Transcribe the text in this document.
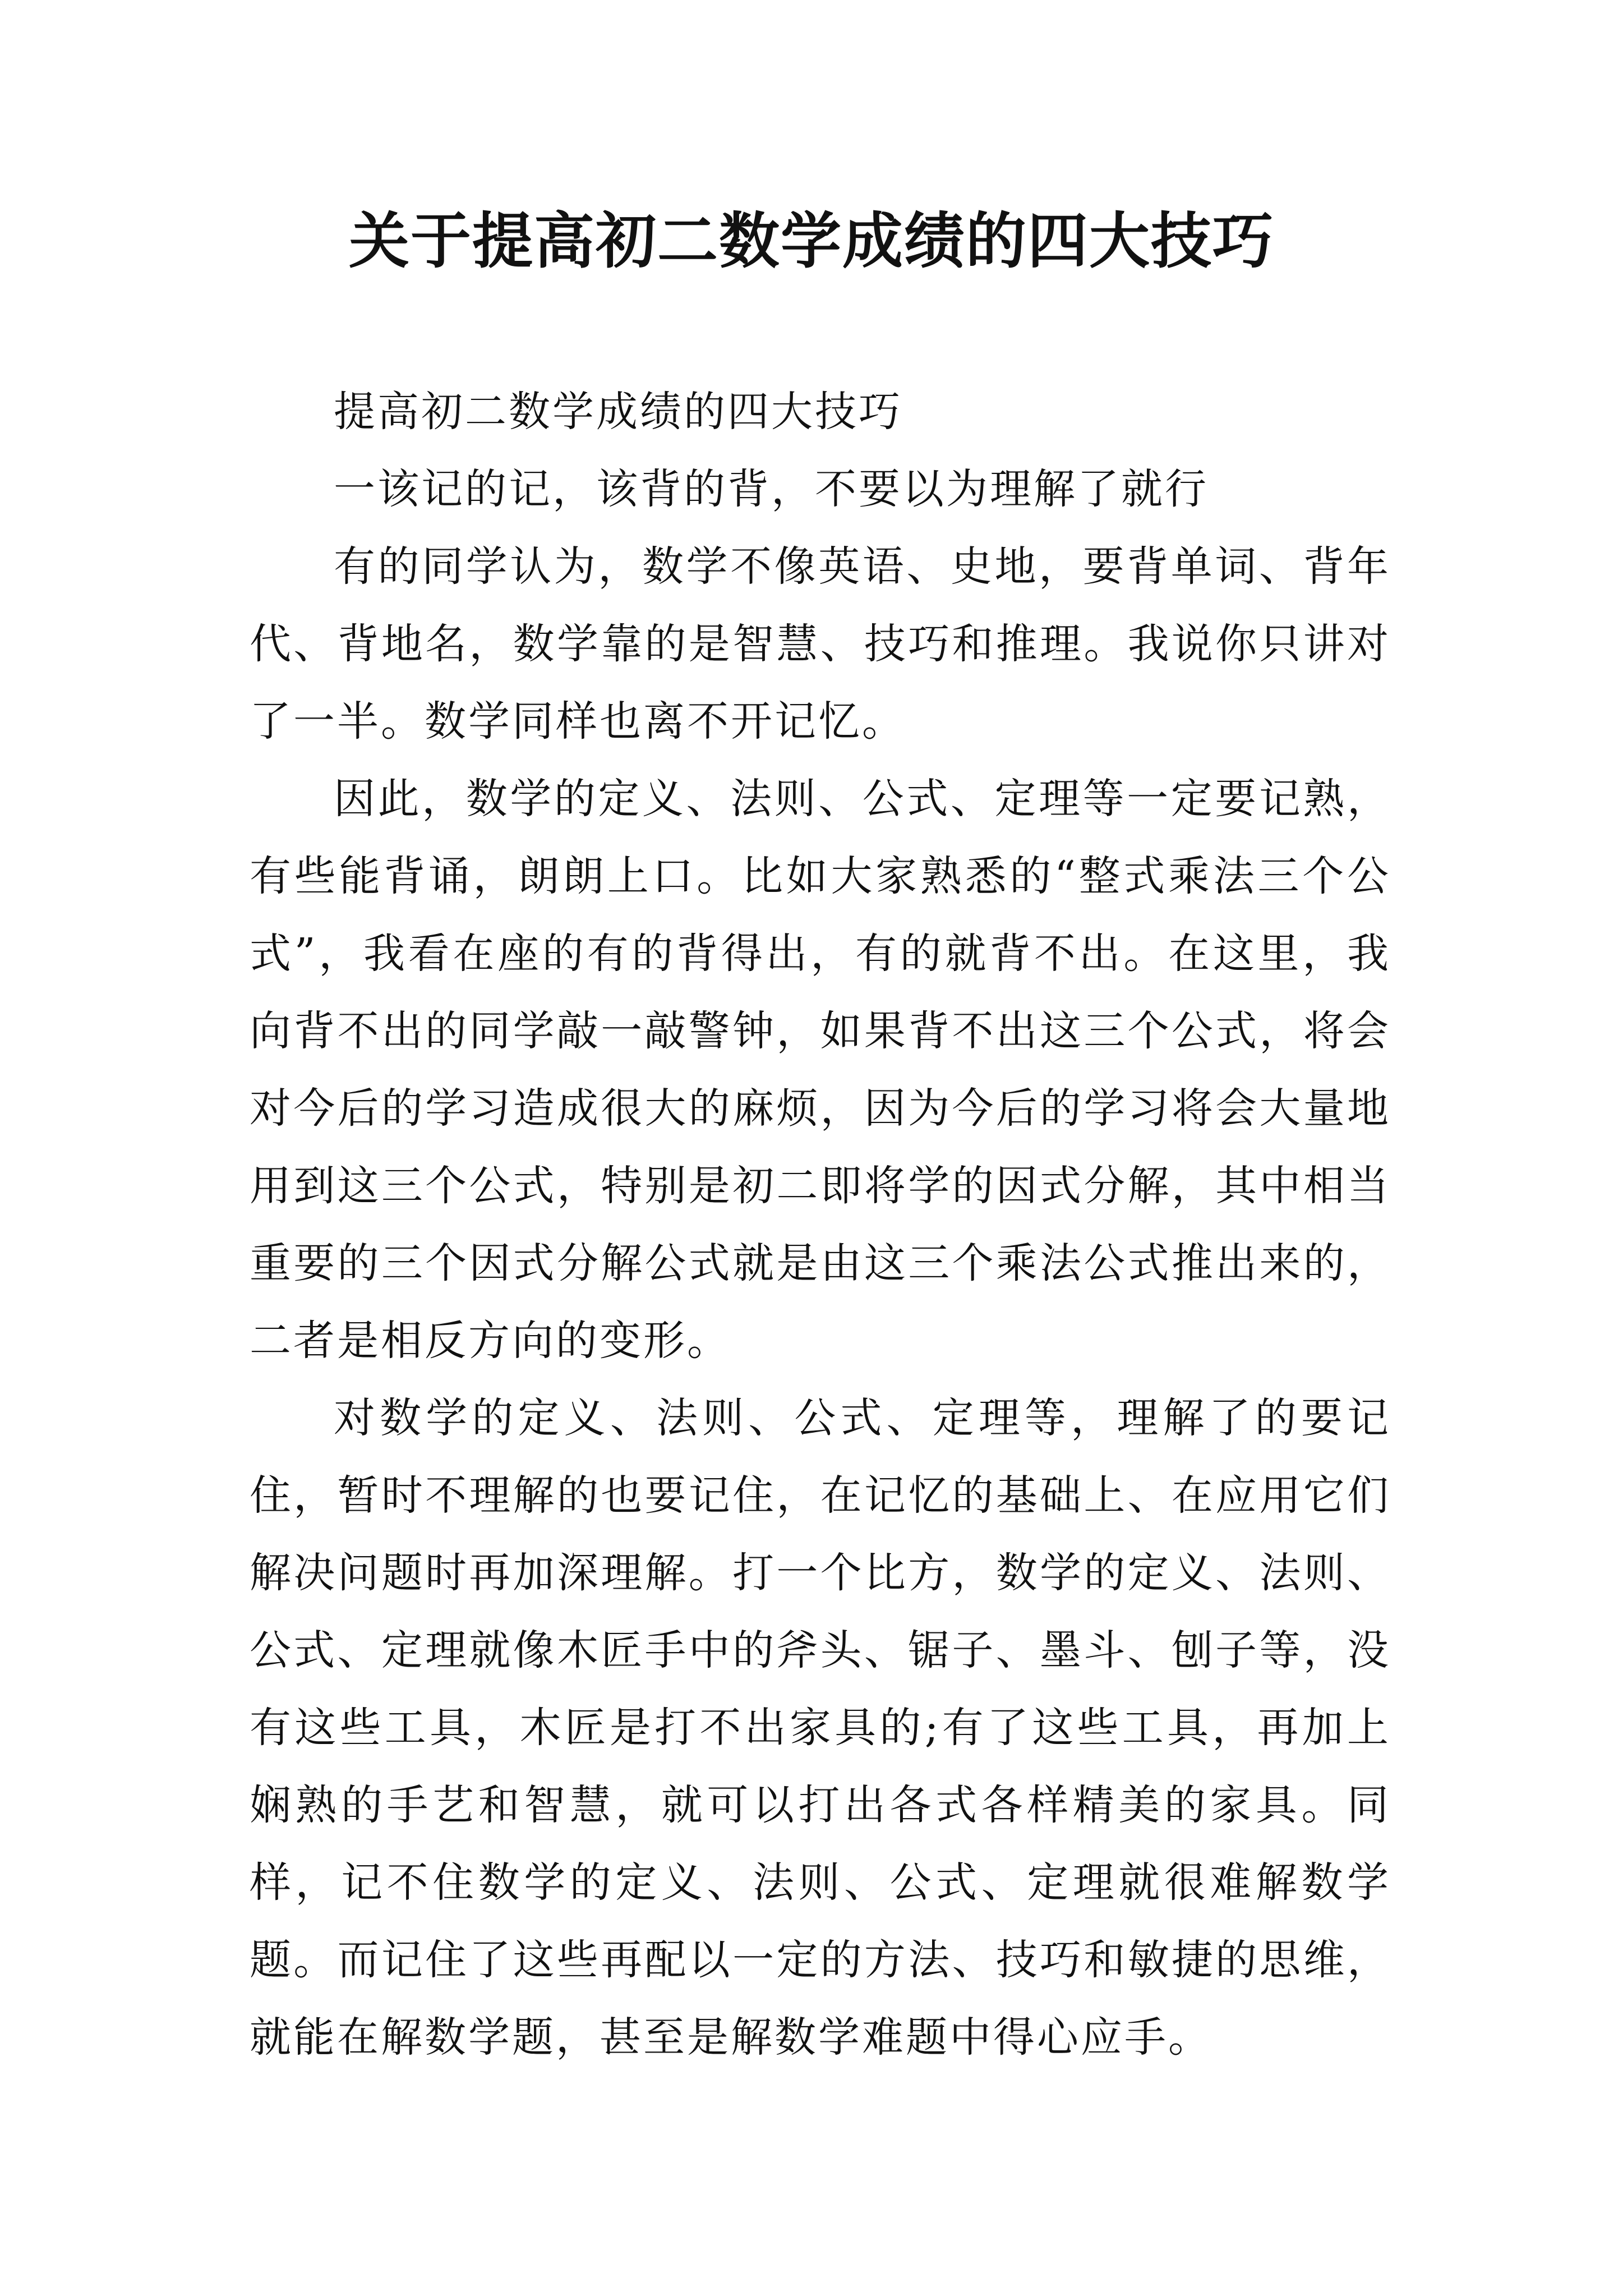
关于提高初二数学成绩的四大技巧

提高初二数学成绩的四大技巧

一该记的记，该背的背，不要以为理解了就行

有的同学认为，数学不像英语、史地，要背单词、背年代、背地名，数学靠的是智慧、技巧和推理。我说你只讲对了一半。数学同样也离不开记忆。

因此，数学的定义、法则、公式、定理等一定要记熟，有些能背诵，朗朗上口。比如大家熟悉的“整式乘法三个公式”，我看在座的有的背得出，有的就背不出。在这里，我向背不出的同学敲一敲警钟，如果背不出这三个公式，将会对今后的学习造成很大的麻烦，因为今后的学习将会大量地用到这三个公式，特别是初二即将学的因式分解，其中相当重要的三个因式分解公式就是由这三个乘法公式推出来的，二者是相反方向的变形。

对数学的定义、法则、公式、定理等，理解了的要记住，暂时不理解的也要记住，在记忆的基础上、在应用它们解决问题时再加深理解。打一个比方，数学的定义、法则、公式、定理就像木匠手中的斧头、锯子、墨斗、刨子等，没有这些工具，木匠是打不出家具的;有了这些工具，再加上娴熟的手艺和智慧，就可以打出各式各样精美的家具。同样，记不住数学的定义、法则、公式、定理就很难解数学题。而记住了这些再配以一定的方法、技巧和敏捷的思维，就能在解数学题，甚至是解数学难题中得心应手。
